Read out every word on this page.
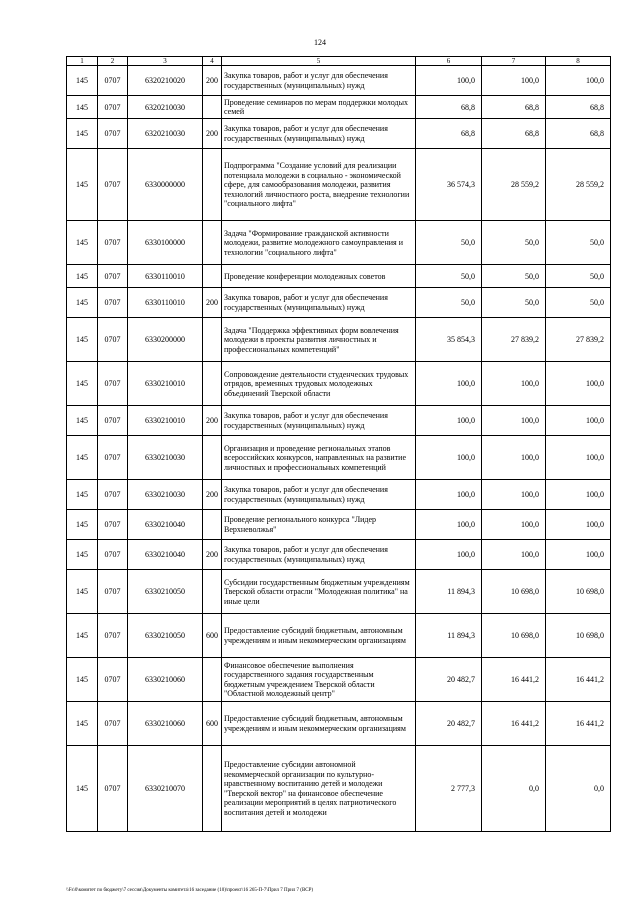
124
1	2	3	4	5	6	7	8
145	0707	6320210020	200	Закупка товаров, работ и услуг для обеспечения государственных (муниципальных) нужд	100,0	100,0	100,0
145	0707	6320210030		Проведение семинаров по мерам поддержки молодых семей	68,8	68,8	68,8
145	0707	6320210030	200	Закупка товаров, работ и услуг для обеспечения государственных (муниципальных) нужд	68,8	68,8	68,8
145	0707	6330000000		Подпрограмма "Создание условий для реализации потенциала молодежи в социально - экономической сфере, для самообразования молодежи, развития технологий личностного роста, внедрение технологии "социального лифта"	36 574,3	28 559,2	28 559,2
145	0707	6330100000		Задача "Формирование гражданской активности молодежи, развитие молодежного самоуправления и технологии "социального лифта"	50,0	50,0	50,0
145	0707	6330110010		Проведение конференции молодежных советов	50,0	50,0	50,0
145	0707	6330110010	200	Закупка товаров, работ и услуг для обеспечения государственных (муниципальных) нужд	50,0	50,0	50,0
145	0707	6330200000		Задача "Поддержка эффективных форм вовлечения молодежи в проекты развития личностных и профессиональных компетенций"	35 854,3	27 839,2	27 839,2
145	0707	6330210010		Сопровождение деятельности студенческих трудовых отрядов, временных трудовых молодежных объединений Тверской области	100,0	100,0	100,0
145	0707	6330210010	200	Закупка товаров, работ и услуг для обеспечения государственных (муниципальных) нужд	100,0	100,0	100,0
145	0707	6330210030		Организация и проведение региональных этапов всероссийских конкурсов, направленных на развитие личностных и профессиональных компетенций	100,0	100,0	100,0
145	0707	6330210030	200	Закупка товаров, работ и услуг для обеспечения государственных (муниципальных) нужд	100,0	100,0	100,0
145	0707	6330210040		Проведение регионального конкурса "Лидер Верхневолжья"	100,0	100,0	100,0
145	0707	6330210040	200	Закупка товаров, работ и услуг для обеспечения государственных (муниципальных) нужд	100,0	100,0	100,0
145	0707	6330210050		Субсидии государственным бюджетным учреждениям Тверской области отрасли "Молодежная политика" на иные цели	11 894,3	10 698,0	10 698,0
145	0707	6330210050	600	Предоставление субсидий бюджетным, автономным учреждениям и иным некоммерческим организациям	11 894,3	10 698,0	10 698,0
145	0707	6330210060		Финансовое обеспечение выполнения государственного задания государственным бюджетным учреждением Тверской области "Областной молодежный центр"	20 482,7	16 441,2	16 441,2
145	0707	6330210060	600	Предоставление субсидий бюджетным, автономным учреждениям и иным некоммерческим организациям	20 482,7	16 441,2	16 441,2
145	0707	6330210070		Предоставление субсидии автономной некоммерческой организации по культурно-нравственному воспитанию детей и молодежи "Тверской вектор" на финансовое обеспечение реализации мероприятий в целях патриотического воспитания детей и молодежи	2 777,3	0,0	0,0
\\Fs\0\комитет по бюджету\7 сессия\Документы комитета\16 заседание (10)\проект\16 265-П-7\Прил 7 Прил 7 (ВСР)
